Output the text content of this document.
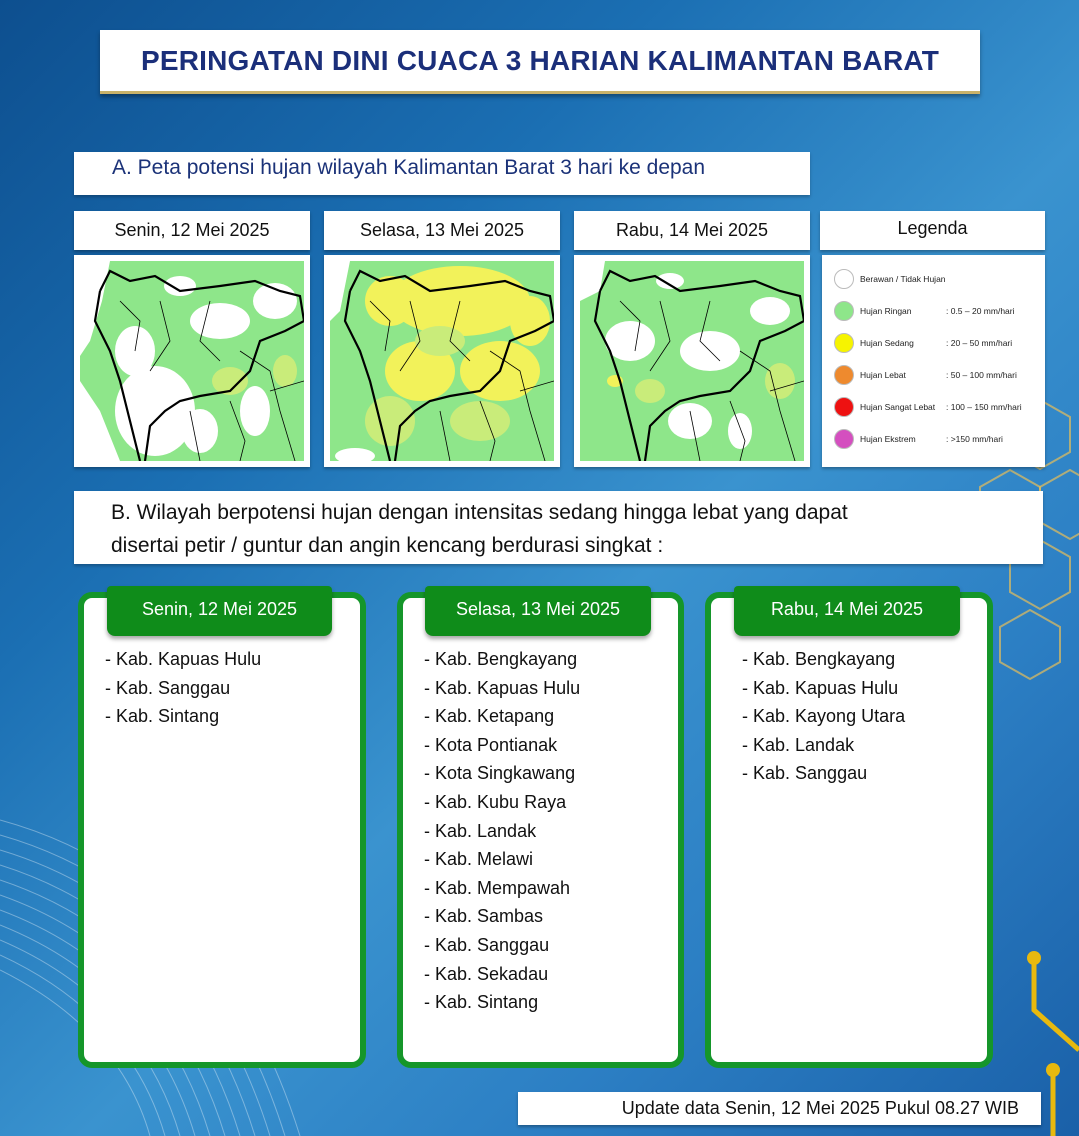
PERINGATAN DINI CUACA 3 HARIAN KALIMANTAN BARAT
A. Peta potensi hujan wilayah Kalimantan Barat 3 hari ke depan
Senin, 12 Mei 2025	Selasa, 13 Mei 2025	Rabu, 14 Mei 2025	Legenda
Berawan / Tidak Hujan
Hujan Ringan	: 0.5 – 20 mm/hari
Hujan Sedang	: 20 – 50 mm/hari
Hujan Lebat	: 50 – 100 mm/hari
Hujan Sangat Lebat	: 100 – 150 mm/hari
Hujan Ekstrem	: >150 mm/hari
B. Wilayah berpotensi hujan dengan intensitas sedang hingga lebat yang dapat
disertai petir / guntur dan angin kencang berdurasi singkat :
Senin, 12 Mei 2025
- Kab. Kapuas Hulu
- Kab. Sanggau
- Kab. Sintang
Selasa, 13 Mei 2025
- Kab. Bengkayang
- Kab. Kapuas Hulu
- Kab. Ketapang
- Kota Pontianak
- Kota Singkawang
- Kab. Kubu Raya
- Kab. Landak
- Kab. Melawi
- Kab. Mempawah
- Kab. Sambas
- Kab. Sanggau
- Kab. Sekadau
- Kab. Sintang
Rabu, 14 Mei 2025
- Kab. Bengkayang
- Kab. Kapuas Hulu
- Kab. Kayong Utara
- Kab. Landak
- Kab. Sanggau
Update data Senin, 12 Mei 2025 Pukul 08.27 WIB
